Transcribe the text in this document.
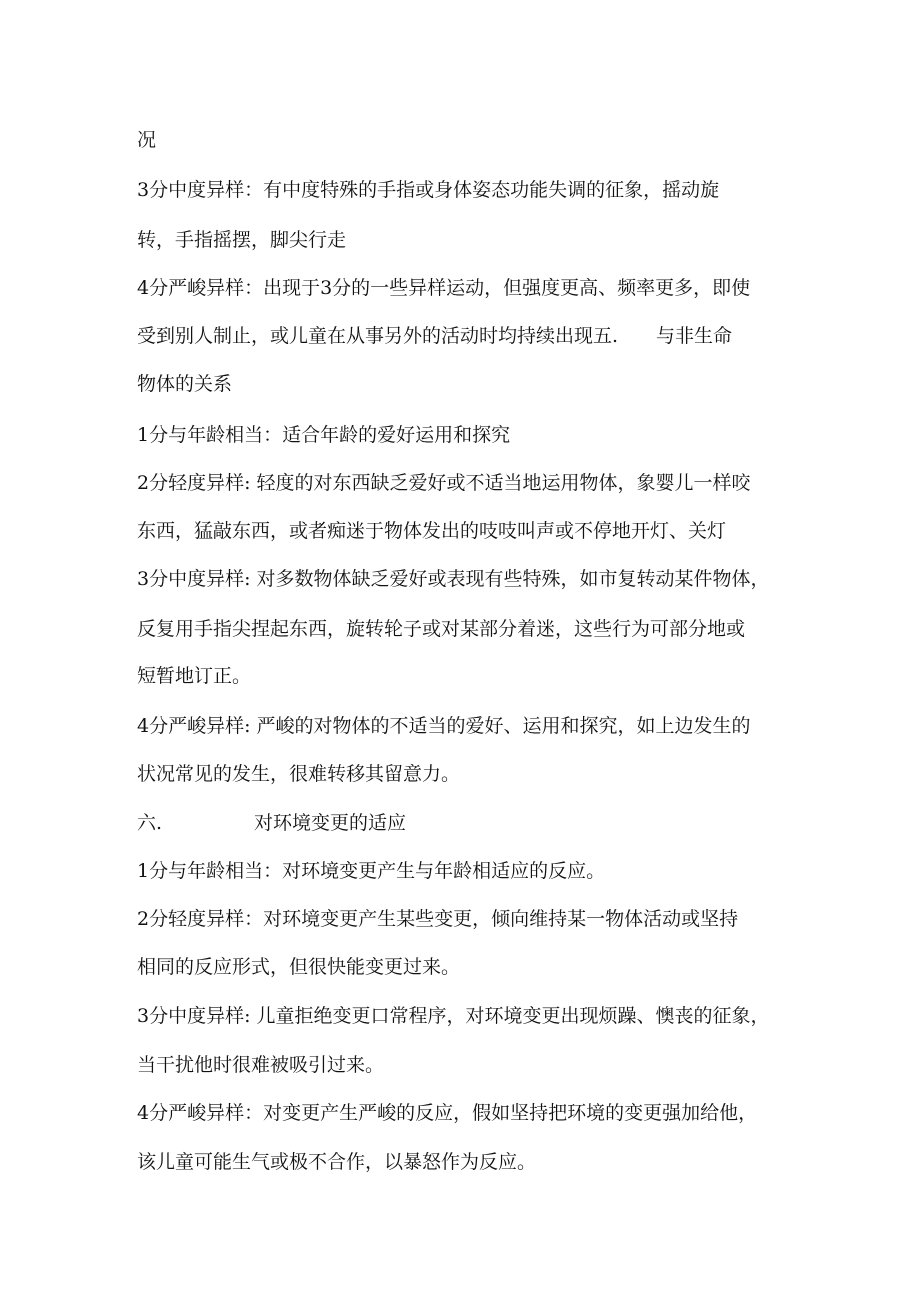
况
3分中度异样：有中度特殊的手指或身体姿态功能失调的征象，摇动旋
转，手指摇摆，脚尖行走
4分严峻异样：出现于3分的一些异样运动，但强度更高、频率更多，即使
受到别人制止，或儿童在从事另外的活动时均持续出现五. 与非生命
物体的关系
1分与年龄相当：适合年龄的爱好运用和探究
2分轻度异样: 轻度的对东西缺乏爱好或不适当地运用物体，象婴儿一样咬
东西，猛敲东西，或者痴迷于物体发出的吱吱叫声或不停地开灯、关灯
3分中度异样: 对多数物体缺乏爱好或表现有些特殊，如市复转动某件物体，
反复用手指尖捏起东西，旋转轮子或对某部分着迷，这些行为可部分地或
短暂地订正。
4分严峻异样: 严峻的对物体的不适当的爱好、运用和探究，如上边发生的
状况常见的发生，很难转移其留意力。
六.	对环境变更的适应
1分与年龄相当：对环境变更产生与年龄相适应的反应。
2分轻度异样：对环境变更产生某些变更，倾向维持某一物体活动或坚持
相同的反应形式，但很快能变更过来。
3分中度异样: 儿童拒绝变更口常程序，对环境变更出现烦躁、懊丧的征象，
当干扰他时很难被吸引过来。
4分严峻异样：对变更产生严峻的反应，假如坚持把环境的变更强加给他，
该儿童可能生气或极不合作，以暴怒作为反应。
